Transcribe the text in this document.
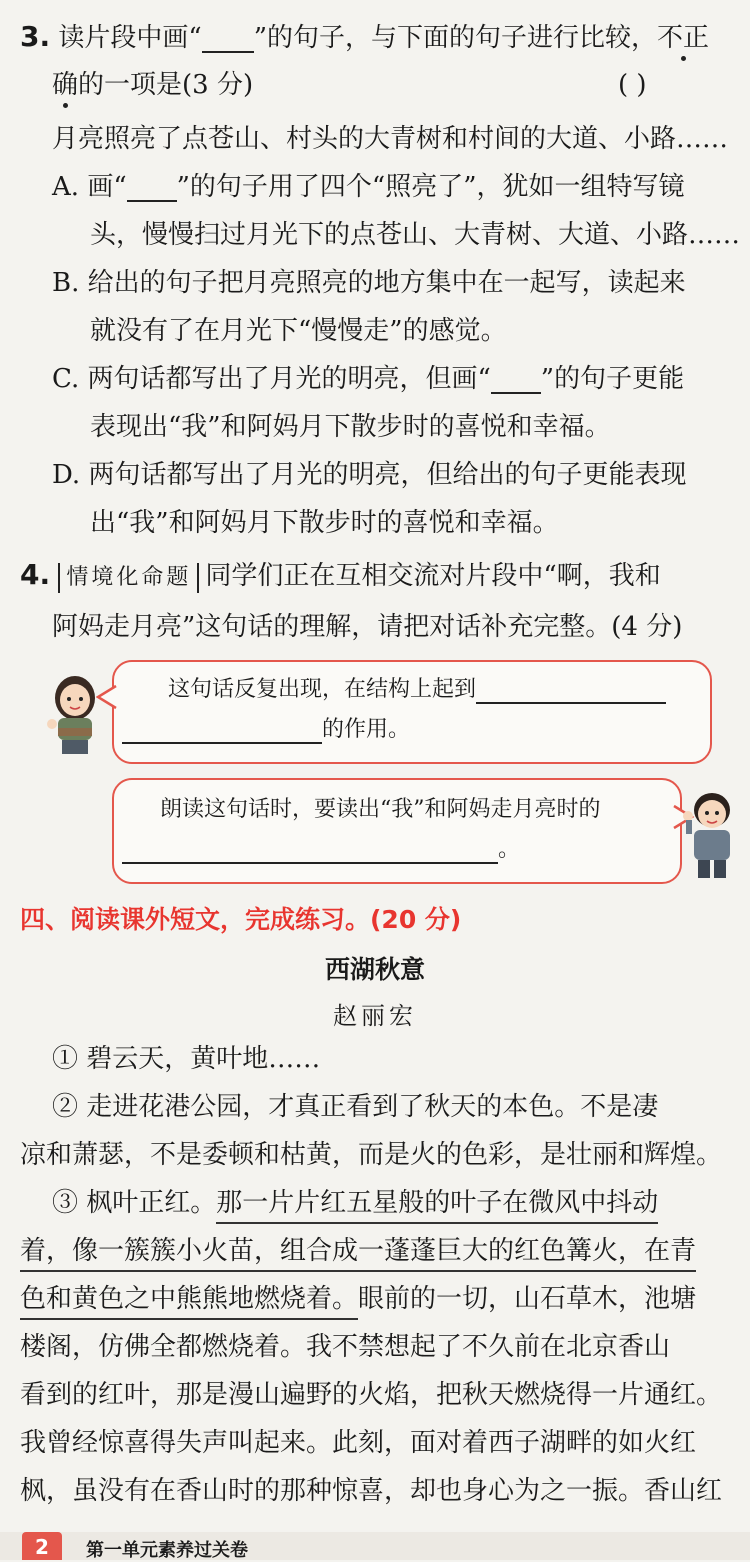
3. 读片段中画“ ”的句子，与下面的句子进行比较，不正
确的一项是(3 分)	( )
月亮照亮了点苍山、村头的大青树和村间的大道、小路……
A. 画“ ”的句子用了四个“照亮了”，犹如一组特写镜
头，慢慢扫过月光下的点苍山、大青树、大道、小路……
B. 给出的句子把月亮照亮的地方集中在一起写，读起来
就没有了在月光下“慢慢走”的感觉。
C. 两句话都写出了月光的明亮，但画“ ”的句子更能
表现出“我”和阿妈月下散步时的喜悦和幸福。
D. 两句话都写出了月光的明亮，但给出的句子更能表现
出“我”和阿妈月下散步时的喜悦和幸福。
4. 情境化命题 同学们正在互相交流对片段中“啊，我和
阿妈走月亮”这句话的理解，请把对话补充完整。(4 分)
这句话反复出现，在结构上起到
的作用。
朗读这句话时，要读出“我”和阿妈走月亮时的
。
四、阅读课外短文，完成练习。(20 分)
西湖秋意
赵丽宏
① 碧云天，黄叶地……
② 走进花港公园，才真正看到了秋天的本色。不是凄
凉和萧瑟，不是委顿和枯黄，而是火的色彩，是壮丽和辉煌。
③ 枫叶正红。那一片片红五星般的叶子在微风中抖动
着，像一簇簇小火苗，组合成一蓬蓬巨大的红色篝火，在青
色和黄色之中熊熊地燃烧着。眼前的一切，山石草木，池塘
楼阁，仿佛全都燃烧着。我不禁想起了不久前在北京香山
看到的红叶，那是漫山遍野的火焰，把秋天燃烧得一片通红。
我曾经惊喜得失声叫起来。此刻，面对着西子湖畔的如火红
枫，虽没有在香山时的那种惊喜，却也身心为之一振。香山红
2	第一单元素养过关卷
